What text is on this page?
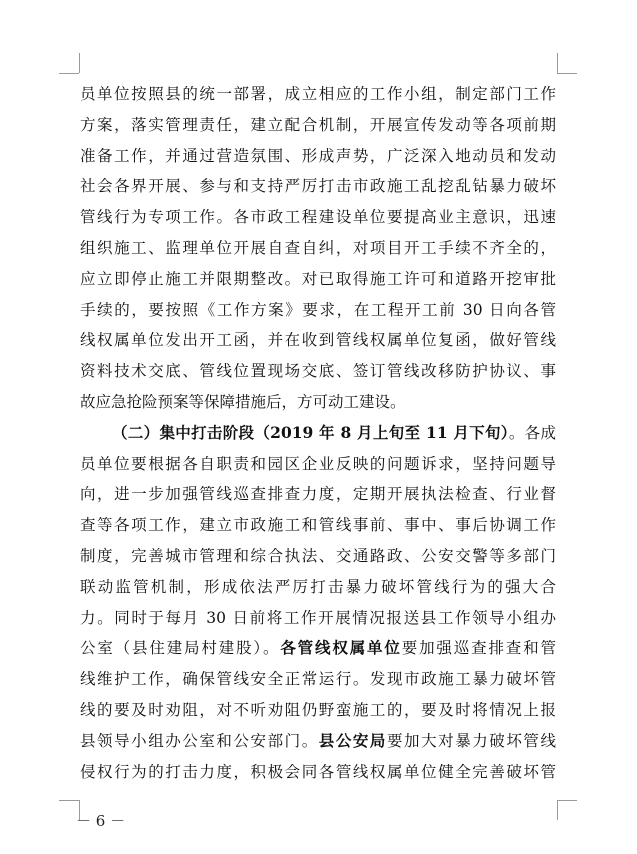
员单位按照县的统一部署，成立相应的工作小组，制定部门工作
方案，落实管理责任，建立配合机制，开展宣传发动等各项前期
准备工作，并通过营造氛围、形成声势，广泛深入地动员和发动
社会各界开展、参与和支持严厉打击市政施工乱挖乱钻暴力破坏
管线行为专项工作。各市政工程建设单位要提高业主意识，迅速
组织施工、监理单位开展自查自纠，对项目开工手续不齐全的，
应立即停止施工并限期整改。对已取得施工许可和道路开挖审批
手续的，要按照《工作方案》要求，在工程开工前 30 日向各管
线权属单位发出开工函，并在收到管线权属单位复函，做好管线
资料技术交底、管线位置现场交底、签订管线改移防护协议、事
故应急抢险预案等保障措施后，方可动工建设。
（二）集中打击阶段（2019 年 8 月上旬至 11 月下旬）。各成
员单位要根据各自职责和园区企业反映的问题诉求，坚持问题导
向，进一步加强管线巡查排查力度，定期开展执法检查、行业督
查等各项工作，建立市政施工和管线事前、事中、事后协调工作
制度，完善城市管理和综合执法、交通路政、公安交警等多部门
联动监管机制，形成依法严厉打击暴力破坏管线行为的强大合
力。同时于每月 30 日前将工作开展情况报送县工作领导小组办
公室（县住建局村建股）。各管线权属单位要加强巡查排查和管
线维护工作，确保管线安全正常运行。发现市政施工暴力破坏管
线的要及时劝阻，对不听劝阻仍野蛮施工的，要及时将情况上报
县领导小组办公室和公安部门。县公安局要加大对暴力破坏管线
侵权行为的打击力度，积极会同各管线权属单位健全完善破坏管
－ 6 －
